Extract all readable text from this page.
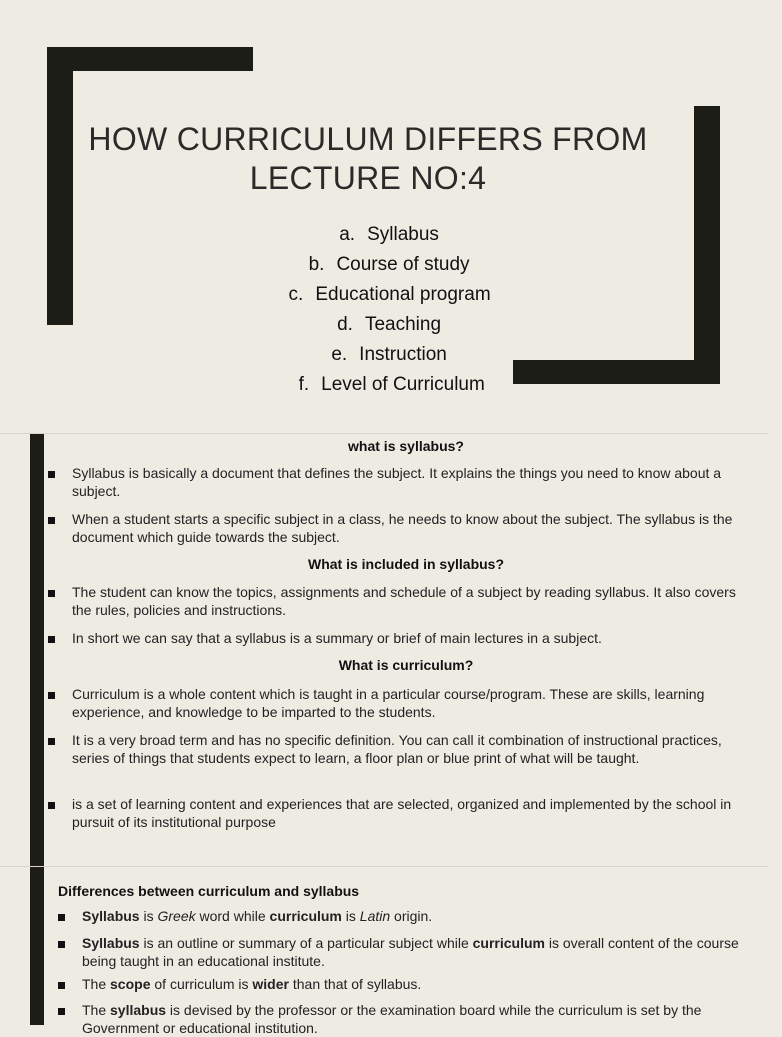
HOW CURRICULUM DIFFERS FROM
LECTURE NO:4
a. Syllabus
b. Course of study
c. Educational program
d. Teaching
e. Instruction
f. Level of Curriculum
what is syllabus?
Syllabus is basically a document that defines the subject. It explains the things you need to know about a subject.
When a student starts a specific subject in a class, he needs to know about the subject. The syllabus is the document which guide towards the subject.
What is included in syllabus?
The student can know the topics, assignments and schedule of a subject by reading syllabus. It also covers the rules, policies and instructions.
In short we can say that a syllabus is a summary or brief of main lectures in a subject.
What is curriculum?
Curriculum is a whole content which is taught in a particular course/program. These are skills, learning experience, and knowledge to be imparted to the students.
It is a very broad term and has no specific definition. You can call it combination of instructional practices, series of things that students expect to learn, a floor plan or blue print of what will be taught.
is a set of learning content and experiences that are selected, organized and implemented by the school in pursuit of its institutional purpose
Differences between curriculum and syllabus
Syllabus is Greek word while curriculum is Latin origin.
Syllabus is an outline or summary of a particular subject while curriculum is overall content of the course being taught in an educational institute.
The scope of curriculum is wider than that of syllabus.
The syllabus is devised by the professor or the examination board while the curriculum is set by the Government or educational institution.
